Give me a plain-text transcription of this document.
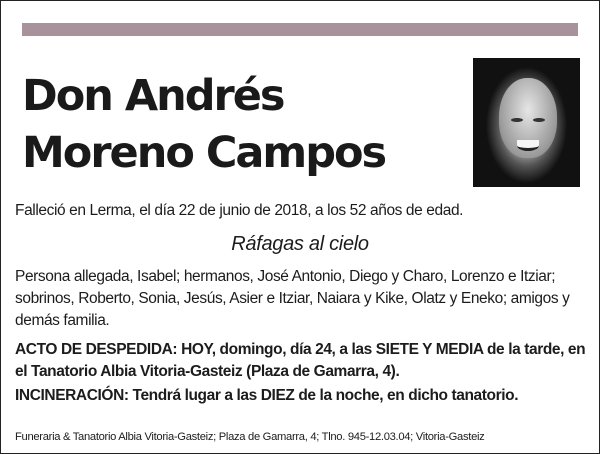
Don Andrés
Moreno Campos
Falleció en Lerma, el día 22 de junio de 2018, a los 52 años de edad.
Ráfagas al cielo
Persona allegada, Isabel; hermanos, José Antonio, Diego y Charo, Lorenzo e Itziar; sobrinos, Roberto, Sonia, Jesús, Asier e Itziar, Naiara y Kike, Olatz y Eneko; amigos y demás familia.
ACTO DE DESPEDIDA: HOY, domingo, día 24, a las SIETE Y MEDIA de la tarde, en el Tanatorio Albia Vitoria-Gasteiz (Plaza de Gamarra, 4).
INCINERACIÓN: Tendrá lugar a las DIEZ de la noche, en dicho tanatorio.
Funeraria & Tanatorio Albia Vitoria-Gasteiz; Plaza de Gamarra, 4; Tlno. 945-12.03.04; Vitoria-Gasteiz
